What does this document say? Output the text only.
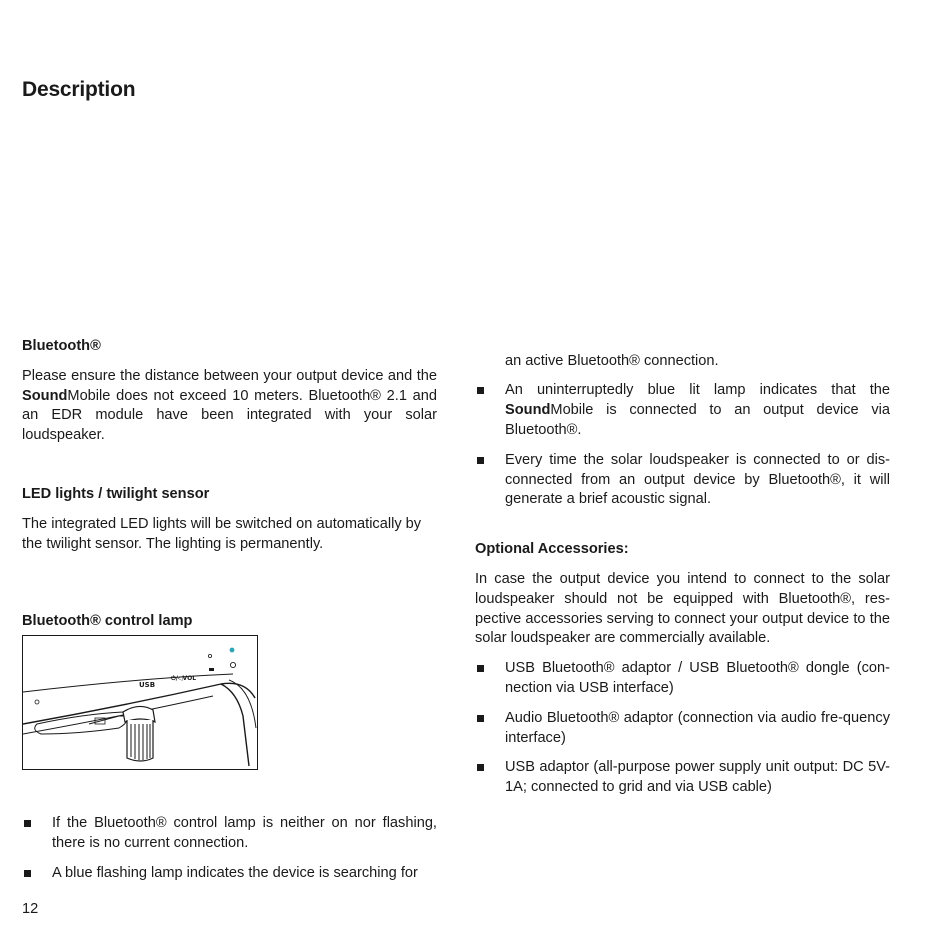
Description

Bluetooth®

Please ensure the distance between your output device and the SoundMobile does not exceed 10 meters. Bluetooth® 2.1 and an EDR module have been integrated with your solar loudspeaker.

LED lights / twilight sensor

The integrated LED lights will be switched on automatically by the twilight sensor. The lighting is permanently.

Bluetooth® control lamp

USB
⏻/◁VOL
If the Bluetooth® control lamp is neither on nor flashing, there is no current connection.
A blue flashing lamp indicates the device is searching for

an active Bluetooth® connection.

An uninterruptedly blue lit lamp indicates that the SoundMobile is connected to an output device via Bluetooth®.
Every time the solar loudspeaker is connected to or dis-connected from an output device by Bluetooth®, it will generate a brief acoustic signal.

Optional Accessories:

In case the output device you intend to connect to the solar loudspeaker should not be equipped with Bluetooth®, res-pective accessories serving to connect your output device to the solar loudspeaker are commercially available.

USB Bluetooth® adaptor / USB Bluetooth® dongle (con-nection via USB interface)
Audio Bluetooth® adaptor (connection via audio fre-quency interface)
USB adaptor (all-purpose power supply unit output: DC 5V-1A; connected to grid and via USB cable)
12
